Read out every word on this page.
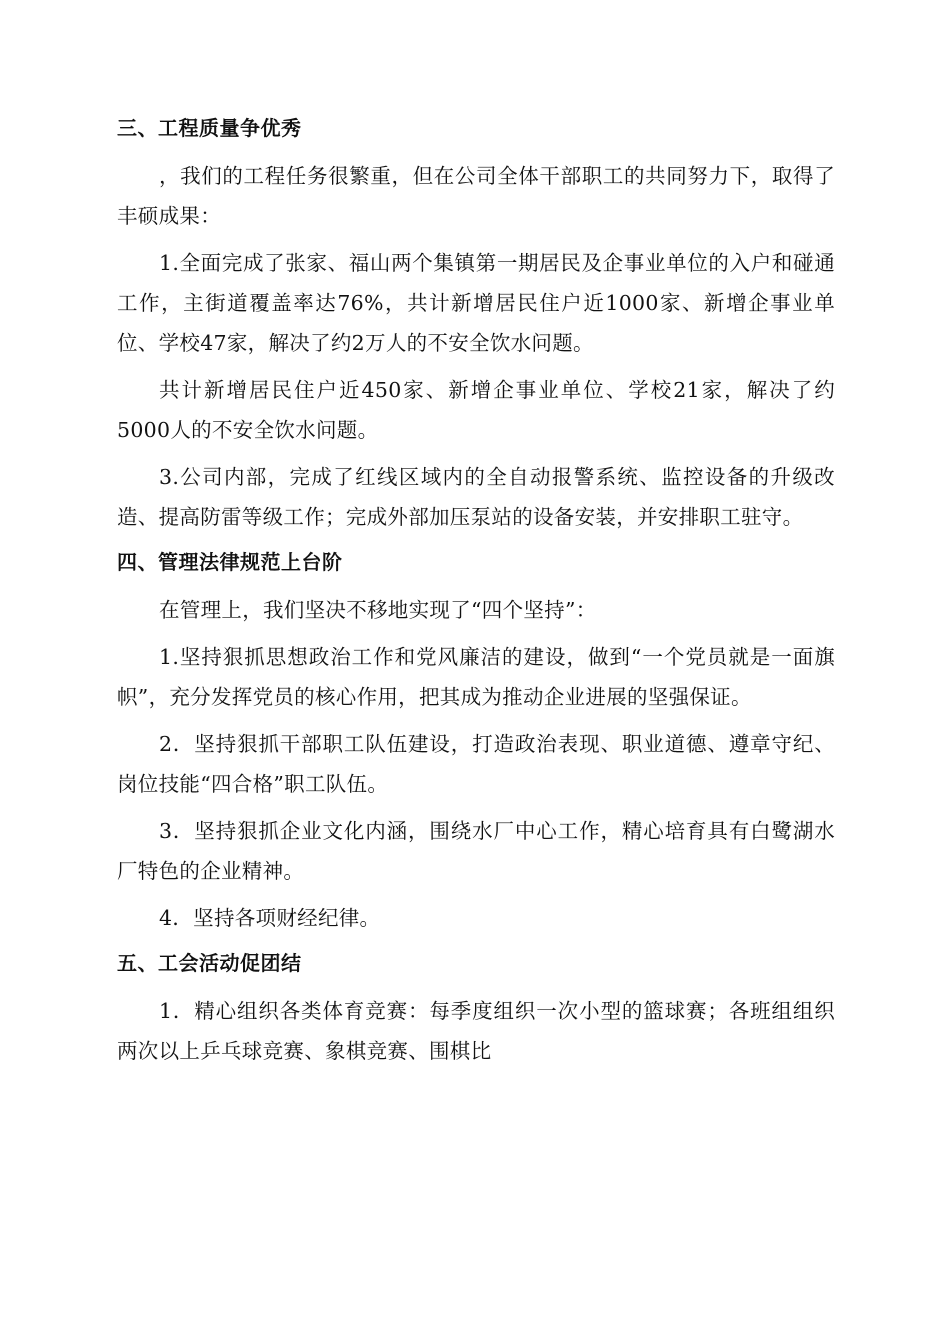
三、工程质量争优秀

，我们的工程任务很繁重，但在公司全体干部职工的共同努力下，取得了丰硕成果：

1.全面完成了张家、福山两个集镇第一期居民及企事业单位的入户和碰通工作，主街道覆盖率达76%，共计新增居民住户近1000家、新增企事业单位、学校47家，解决了约2万人的不安全饮水问题。

共计新增居民住户近450家、新增企事业单位、学校21家，解决了约5000人的不安全饮水问题。

3.公司内部，完成了红线区域内的全自动报警系统、监控设备的升级改造、提高防雷等级工作；完成外部加压泵站的设备安装，并安排职工驻守。

四、管理法律规范上台阶

在管理上，我们坚决不移地实现了“四个坚持”：

1.坚持狠抓思想政治工作和党风廉洁的建设，做到“一个党员就是一面旗帜”，充分发挥党员的核心作用，把其成为推动企业进展的坚强保证。

2．坚持狠抓干部职工队伍建设，打造政治表现、职业道德、遵章守纪、岗位技能“四合格”职工队伍。

3．坚持狠抓企业文化内涵，围绕水厂中心工作，精心培育具有白鹭湖水厂特色的企业精神。

4．坚持各项财经纪律。

五、工会活动促团结

1．精心组织各类体育竞赛：每季度组织一次小型的篮球赛；各班组组织两次以上乒乓球竞赛、象棋竞赛、围棋比
